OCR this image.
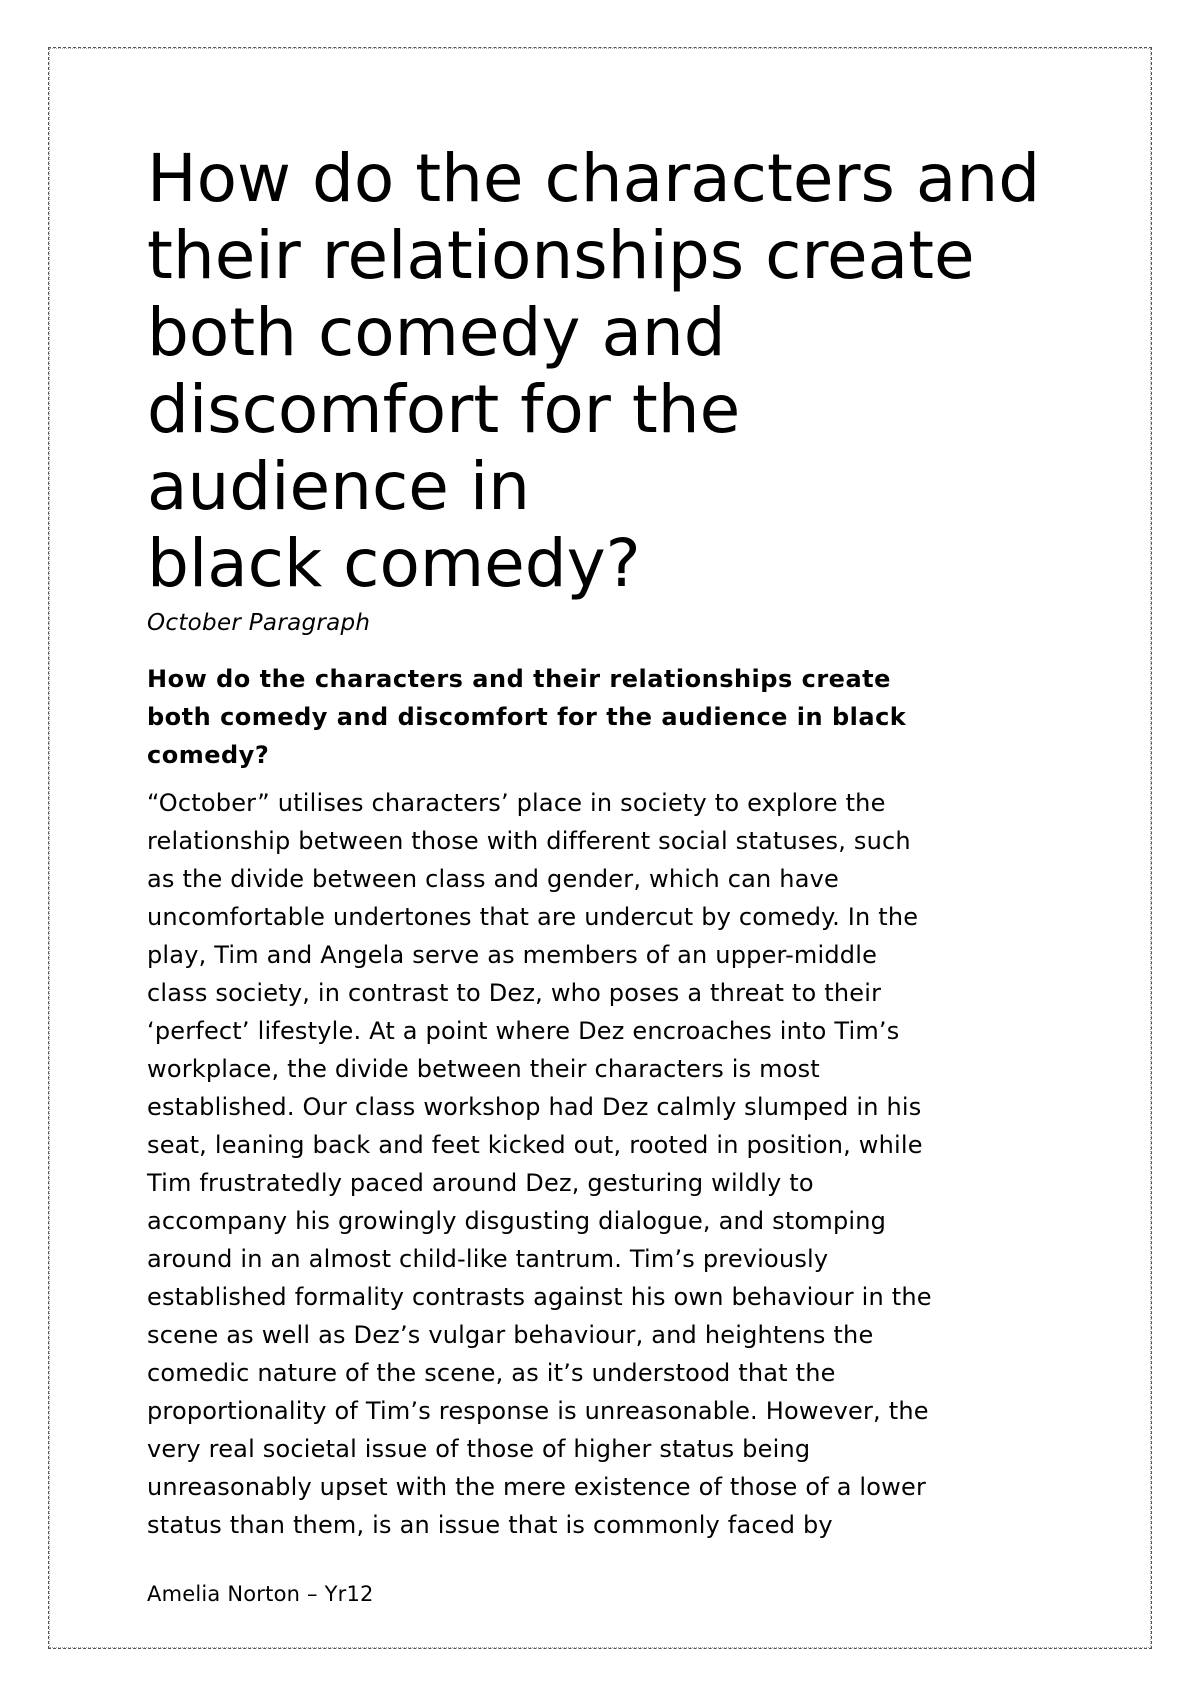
How do the characters and
their relationships create
both comedy and
discomfort for the
audience in
black comedy?

October Paragraph

How do the characters and their relationships create
both comedy and discomfort for the audience in black
comedy?

“October” utilises characters’ place in society to explore the
relationship between those with different social statuses, such
as the divide between class and gender, which can have
uncomfortable undertones that are undercut by comedy. In the
play, Tim and Angela serve as members of an upper-middle
class society, in contrast to Dez, who poses a threat to their
‘perfect’ lifestyle. At a point where Dez encroaches into Tim’s
workplace, the divide between their characters is most
established. Our class workshop had Dez calmly slumped in his
seat, leaning back and feet kicked out, rooted in position, while
Tim frustratedly paced around Dez, gesturing wildly to
accompany his growingly disgusting dialogue, and stomping
around in an almost child-like tantrum. Tim’s previously
established formality contrasts against his own behaviour in the
scene as well as Dez’s vulgar behaviour, and heightens the
comedic nature of the scene, as it’s understood that the
proportionality of Tim’s response is unreasonable. However, the
very real societal issue of those of higher status being
unreasonably upset with the mere existence of those of a lower
status than them, is an issue that is commonly faced by

Amelia Norton – Yr12
